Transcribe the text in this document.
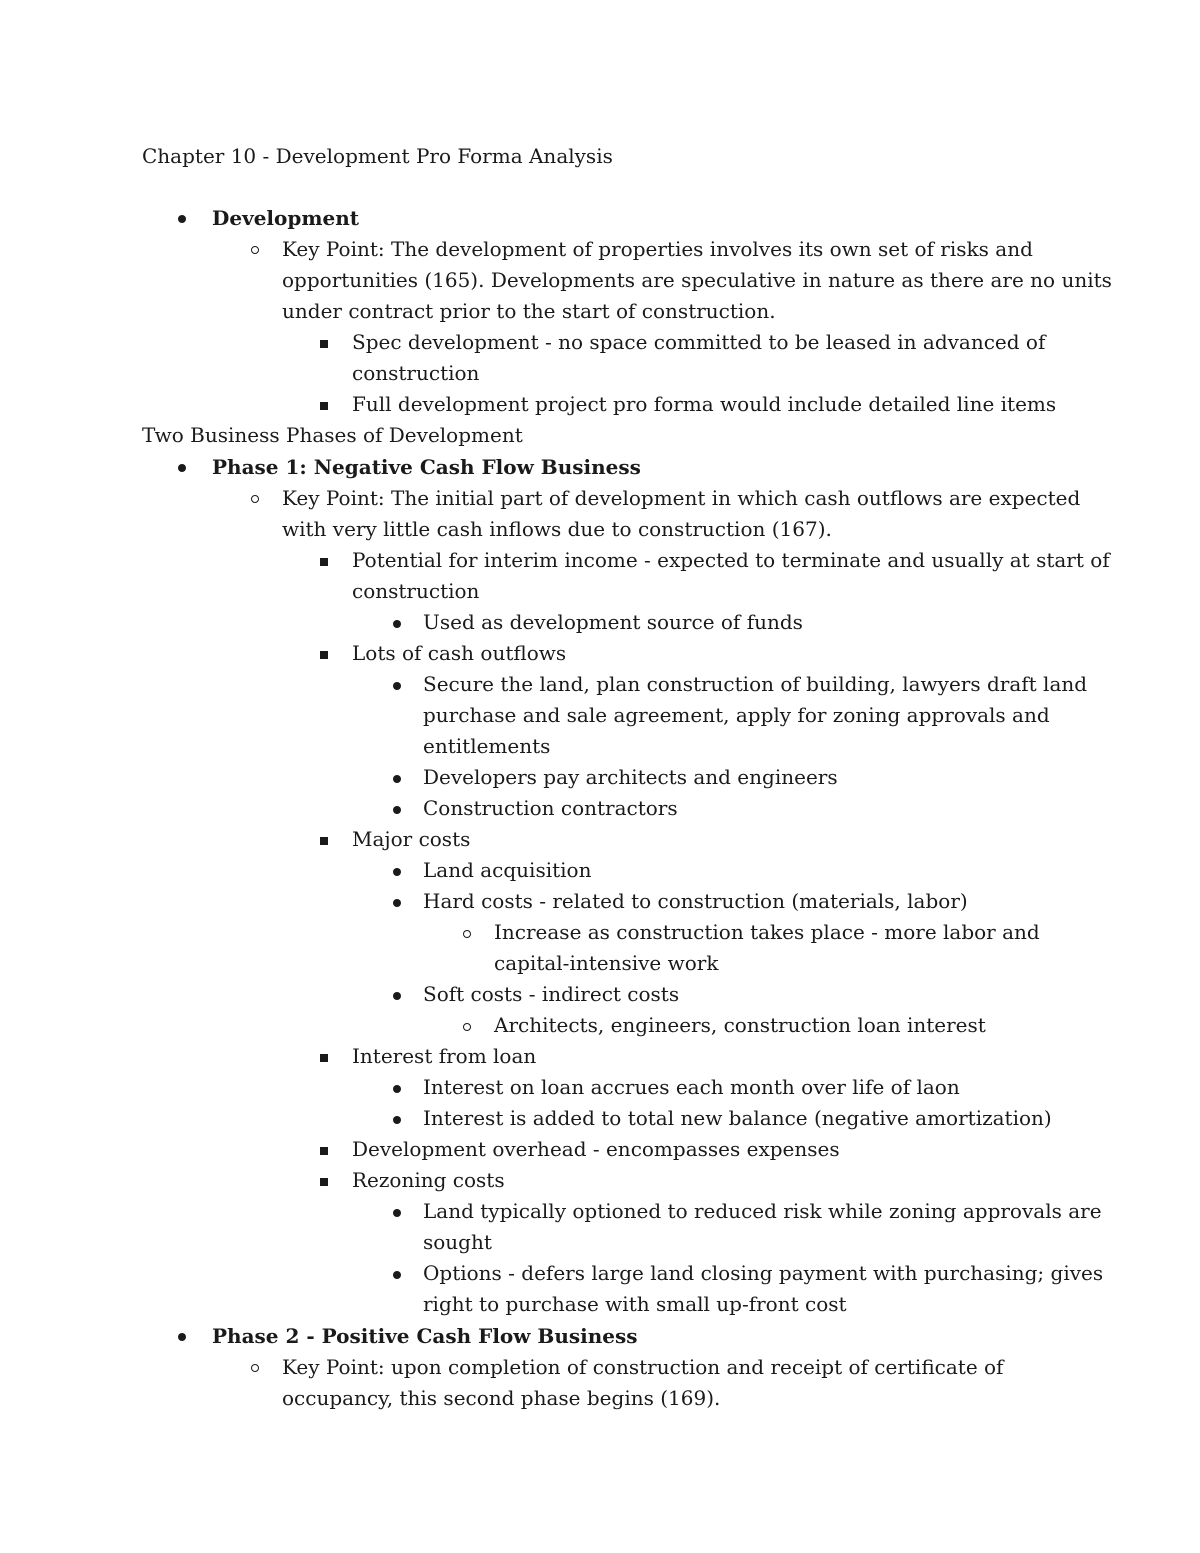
Chapter 10 - Development Pro Forma Analysis
Development
Key Point: The development of properties involves its own set of risks and
opportunities (165). Developments are speculative in nature as there are no units
under contract prior to the start of construction.
Spec development - no space committed to be leased in advanced of
construction
Full development project pro forma would include detailed line items
Two Business Phases of Development
Phase 1: Negative Cash Flow Business
Key Point: The initial part of development in which cash outflows are expected
with very little cash inflows due to construction (167).
Potential for interim income - expected to terminate and usually at start of
construction
Used as development source of funds
Lots of cash outflows
Secure the land, plan construction of building, lawyers draft land
purchase and sale agreement, apply for zoning approvals and
entitlements
Developers pay architects and engineers
Construction contractors
Major costs
Land acquisition
Hard costs - related to construction (materials, labor)
Increase as construction takes place - more labor and
capital-intensive work
Soft costs - indirect costs
Architects, engineers, construction loan interest
Interest from loan
Interest on loan accrues each month over life of laon
Interest is added to total new balance (negative amortization)
Development overhead - encompasses expenses
Rezoning costs
Land typically optioned to reduced risk while zoning approvals are
sought
Options - defers large land closing payment with purchasing; gives
right to purchase with small up-front cost
Phase 2 - Positive Cash Flow Business
Key Point: upon completion of construction and receipt of certificate of
occupancy, this second phase begins (169).
